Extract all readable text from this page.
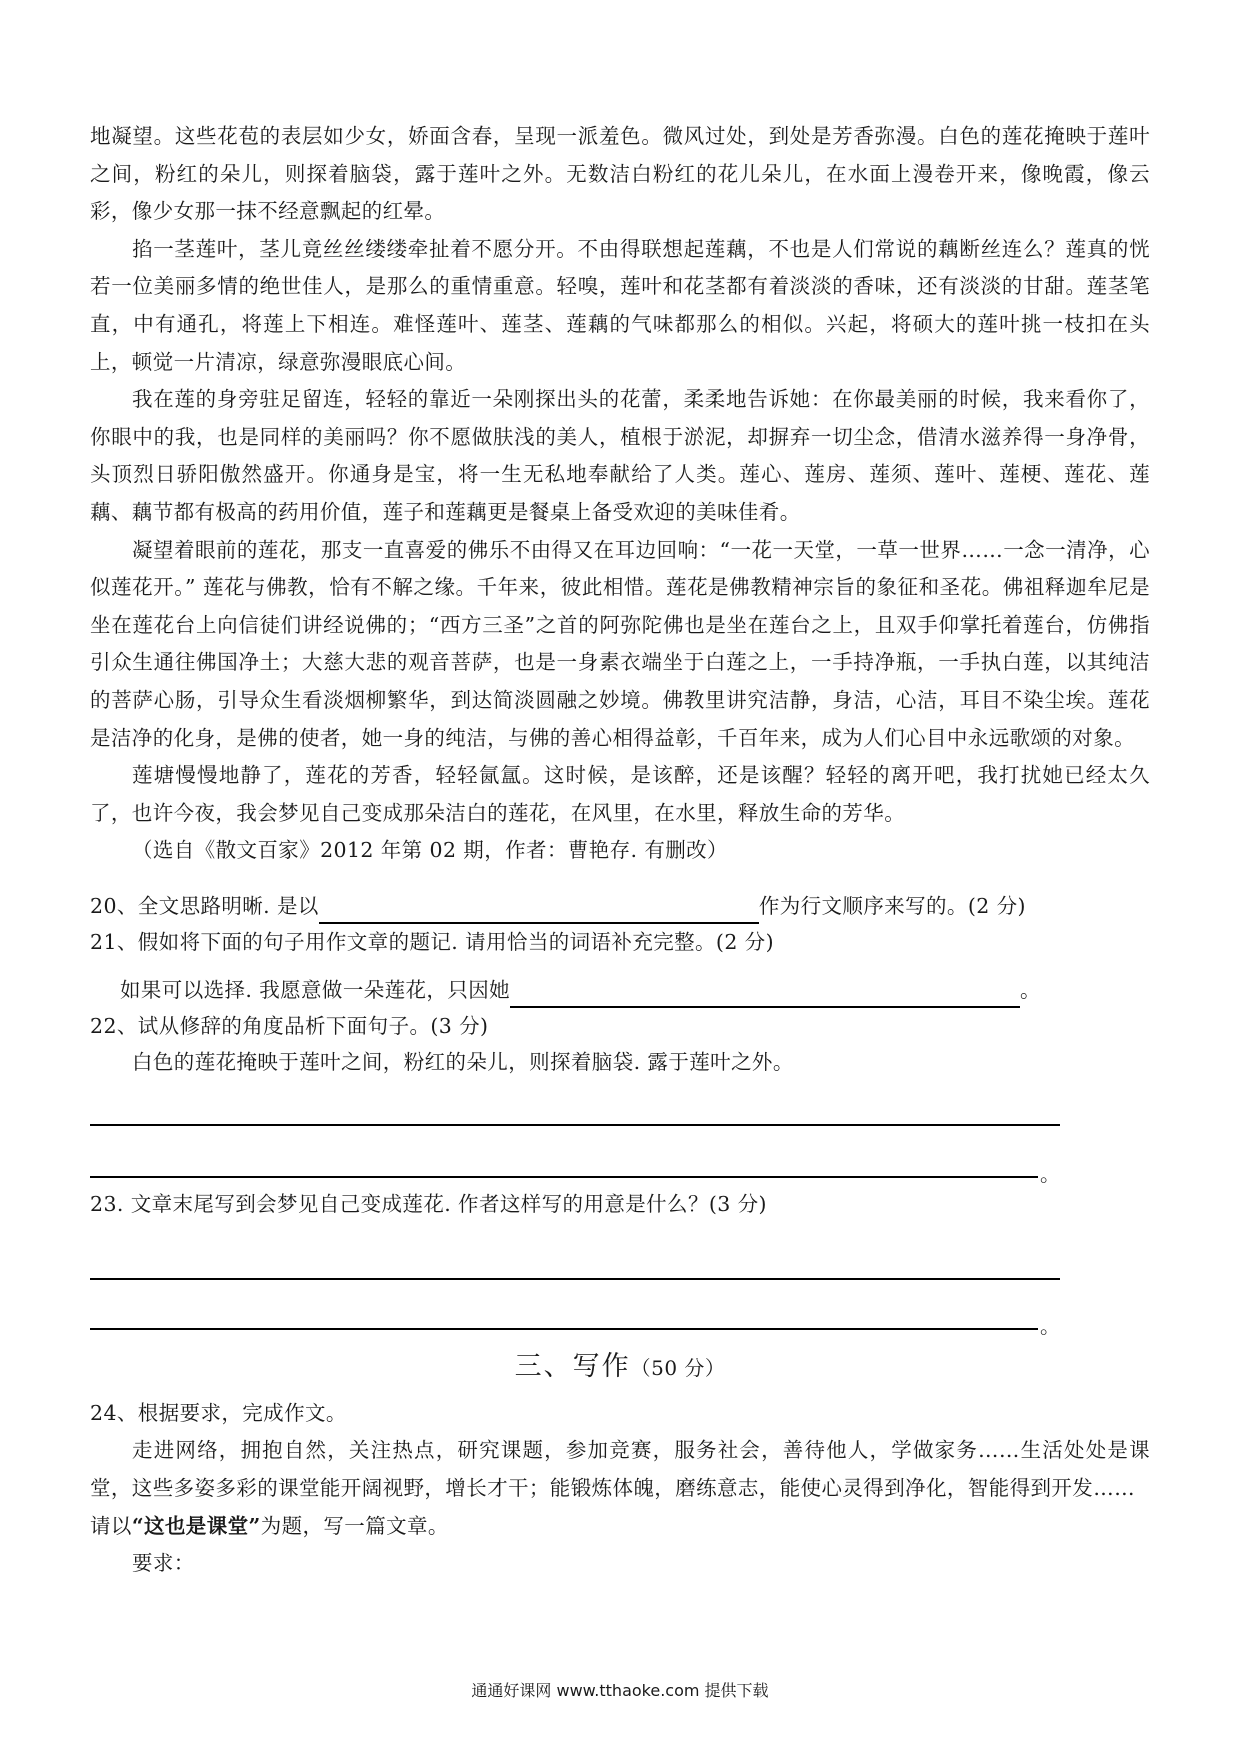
地凝望。这些花苞的表层如少女，娇面含春，呈现一派羞色。微风过处，到处是芳香弥漫。白色的莲花掩映于莲叶之间，粉红的朵儿，则探着脑袋，露于莲叶之外。无数洁白粉红的花儿朵儿，在水面上漫卷开来，像晚霞，像云彩，像少女那一抹不经意飘起的红晕。

掐一茎莲叶，茎儿竟丝丝缕缕牵扯着不愿分开。不由得联想起莲藕，不也是人们常说的藕断丝连么？莲真的恍若一位美丽多情的绝世佳人，是那么的重情重意。轻嗅，莲叶和花茎都有着淡淡的香味，还有淡淡的甘甜。莲茎笔直，中有通孔，将莲上下相连。难怪莲叶、莲茎、莲藕的气味都那么的相似。兴起，将硕大的莲叶挑一枝扣在头上，顿觉一片清凉，绿意弥漫眼底心间。

我在莲的身旁驻足留连，轻轻的靠近一朵刚探出头的花蕾，柔柔地告诉她：在你最美丽的时候，我来看你了，你眼中的我，也是同样的美丽吗？你不愿做肤浅的美人，植根于淤泥，却摒弃一切尘念，借清水滋养得一身净骨，头顶烈日骄阳傲然盛开。你通身是宝，将一生无私地奉献给了人类。莲心、莲房、莲须、莲叶、莲梗、莲花、莲藕、藕节都有极高的药用价值，莲子和莲藕更是餐桌上备受欢迎的美味佳肴。

凝望着眼前的莲花，那支一直喜爱的佛乐不由得又在耳边回响：“一花一天堂，一草一世界……一念一清净，心似莲花开。” 莲花与佛教，恰有不解之缘。千年来，彼此相惜。莲花是佛教精神宗旨的象征和圣花。佛祖释迦牟尼是坐在莲花台上向信徒们讲经说佛的；“西方三圣”之首的阿弥陀佛也是坐在莲台之上，且双手仰掌托着莲台，仿佛指引众生通往佛国净土；大慈大悲的观音菩萨，也是一身素衣端坐于白莲之上，一手持净瓶，一手执白莲，以其纯洁的菩萨心肠，引导众生看淡烟柳繁华，到达简淡圆融之妙境。佛教里讲究洁静，身洁，心洁，耳目不染尘埃。莲花是洁净的化身，是佛的使者，她一身的纯洁，与佛的善心相得益彰，千百年来，成为人们心目中永远歌颂的对象。

莲塘慢慢地静了，莲花的芳香，轻轻氤氲。这时候，是该醉，还是该醒？轻轻的离开吧，我打扰她已经太久了，也许今夜，我会梦见自己变成那朵洁白的莲花，在风里，在水里，释放生命的芳华。

（选自《散文百家》2012 年第 02 期，作者：曹艳存. 有删改）

20、全文思路明晰. 是以	作为行文顺序来写的。(2 分)

21、假如将下面的句子用作文章的题记. 请用恰当的词语补充完整。(2 分)

如果可以选择. 我愿意做一朵莲花，只因她	。

22、试从修辞的角度品析下面句子。(3 分)

白色的莲花掩映于莲叶之间，粉红的朵儿，则探着脑袋. 露于莲叶之外。

。

23. 文章末尾写到会梦见自己变成莲花. 作者这样写的用意是什么？(3 分)

。
三、写作（50 分）

24、根据要求，完成作文。

走进网络，拥抱自然，关注热点，研究课题，参加竞赛，服务社会，善待他人，学做家务……生活处处是课堂，这些多姿多彩的课堂能开阔视野，增长才干；能锻炼体魄，磨练意志，能使心灵得到净化，智能得到开发……

请以“这也是课堂”为题，写一篇文章。

要求：

通通好课网 www.tthaoke.com 提供下载
